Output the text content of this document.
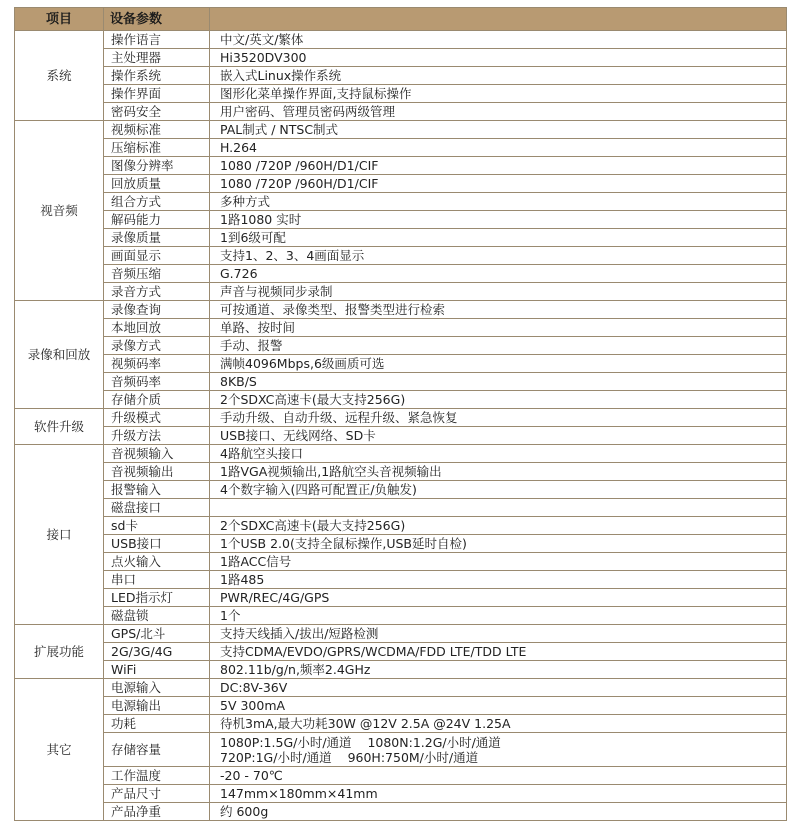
项目	设备参数	
系统	操作语言	中文/英文/繁体
	主处理器	Hi3520DV300
	操作系统	嵌入式Linux操作系统
	操作界面	图形化菜单操作界面,支持鼠标操作
	密码安全	用户密码、管理员密码两级管理
视音频	视频标准	PAL制式 / NTSC制式
	压缩标准	H.264
	图像分辨率	1080 /720P /960H/D1/CIF
	回放质量	1080 /720P /960H/D1/CIF
	组合方式	多种方式
	解码能力	1路1080 实时
	录像质量	1到6级可配
	画面显示	支持1、2、3、4画面显示
	音频压缩	G.726
	录音方式	声音与视频同步录制
录像和回放	录像查询	可按通道、录像类型、报警类型进行检索
	本地回放	单路、按时间
	录像方式	手动、报警
	视频码率	满帧4096Mbps,6级画质可选
	音频码率	8KB/S
	存储介质	2个SDXC高速卡(最大支持256G)
软件升级	升级模式	手动升级、自动升级、远程升级、紧急恢复
	升级方法	USB接口、无线网络、SD卡
接口	音视频输入	4路航空头接口
	音视频输出	1路VGA视频输出,1路航空头音视频输出
	报警输入	4个数字输入(四路可配置正/负触发)
	磁盘接口	
	sd卡	2个SDXC高速卡(最大支持256G)
	USB接口	1个USB 2.0(支持全鼠标操作,USB延时自检)
	点火输入	1路ACC信号
	串口	1路485
	LED指示灯	PWR/REC/4G/GPS
	磁盘锁	1个
扩展功能	GPS/北斗	支持天线插入/拔出/短路检测
	2G/3G/4G	支持CDMA/EVDO/GPRS/WCDMA/FDD LTE/TDD LTE
	WiFi	802.11b/g/n,频率2.4GHz
其它	电源输入	DC:8V-36V
	电源输出	5V 300mA
	功耗	待机3mA,最大功耗30W @12V 2.5A @24V 1.25A
	存储容量	1080P:1.5G/小时/通道    1080N:1.2G/小时/通道
720P:1G/小时/通道    960H:750M/小时/通道
	工作温度	-20 - 70℃
	产品尺寸	147mm×180mm×41mm
	产品净重	约 600g
